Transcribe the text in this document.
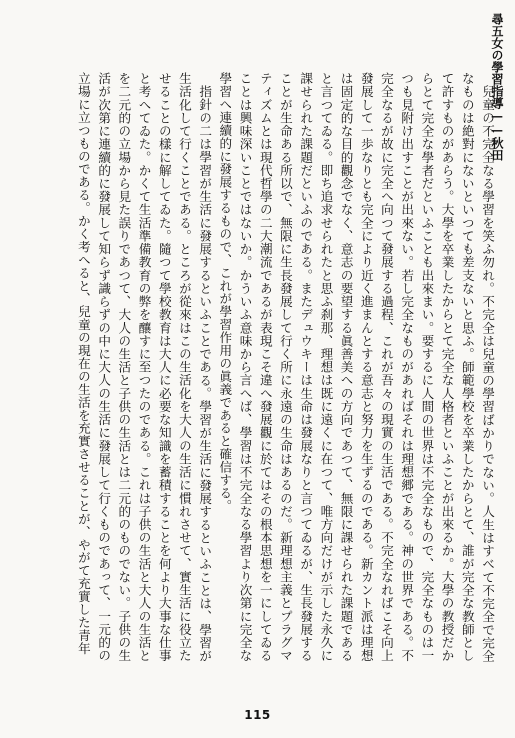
尋五女の學習指導——秋田

兒童の不完全なる學習を笑ふ勿れ。不完全は兒童の學習ばかりでない。人生はすべて不完全で完全なものは絶對にないといつても差支ないと思ふ。師範學校を卒業したからとて、誰が完全な教師として許すものがあらう。大學を卒業したからとて完全な人格者といふことが出來るか。大學の教授だからとて完全な學者だといふことも出來まい。要するに人間の世界は不完全なもので、完全なものは一つも見附け出すことが出來ない。若し完全なものがあればそれは理想郷である。神の世界である。不完全なるが故に完全へ向つて發展する過程、これが吾々の現實の生活である。不完全なればこそ向上發展して一歩なりとも完全により近く進まんとする意志と努力を生ずるのである。新カント派は理想は固定的な目的觀念でなく、意志の要望する眞善美への方向であつて、無限に課せられた課題であると言つてゐる。即ち追求せられたと思ふ刹那、理想は既に遠くに在つて、唯方向だけが示した永久に課せられた課題だといふのである。またデュウキーは生命は發展なりと言つてゐるが、生長發展することが生命ある所以で、無限に生長發展して行く所に永遠の生命はあるのだ。新理想主義とプラグマティズムとは現代哲學の二大潮流であるが表現こそ違へ發展觀に於てはその根本思想を一にしてゐることは興味深いことではないか。かういふ意味から言へば、學習は不完全なる學習より次第に完全な學習へ連續的に發展するもので、これが學習作用の眞義であると確信する。

指針の二は學習が生活に發展するといふことである。學習が生活に發展するといふことは、學習が生活化して行くことである。ところが從來はこの生活化を大人の生活に慣れさせて、實生活に役立たせることの樣に解してゐた。隨つて學校教育は大人に必要な知識を蓄積することを何より大事な仕事と考へてゐた。かくて生活準備教育の弊を釀すに至つたのである。これは子供の生活と大人の生活とを二元的の立場から見た誤りであつて、大人の生活と子供の生活とは二元的のものでない。子供の生活が次第に連續的に發展して知らず識らずの中に大人の生活に發展して行くものであって、一元的の立場に立つものである。かく考へると、兒童の現在の生活を充實させることが、やがて充實した青年

115
